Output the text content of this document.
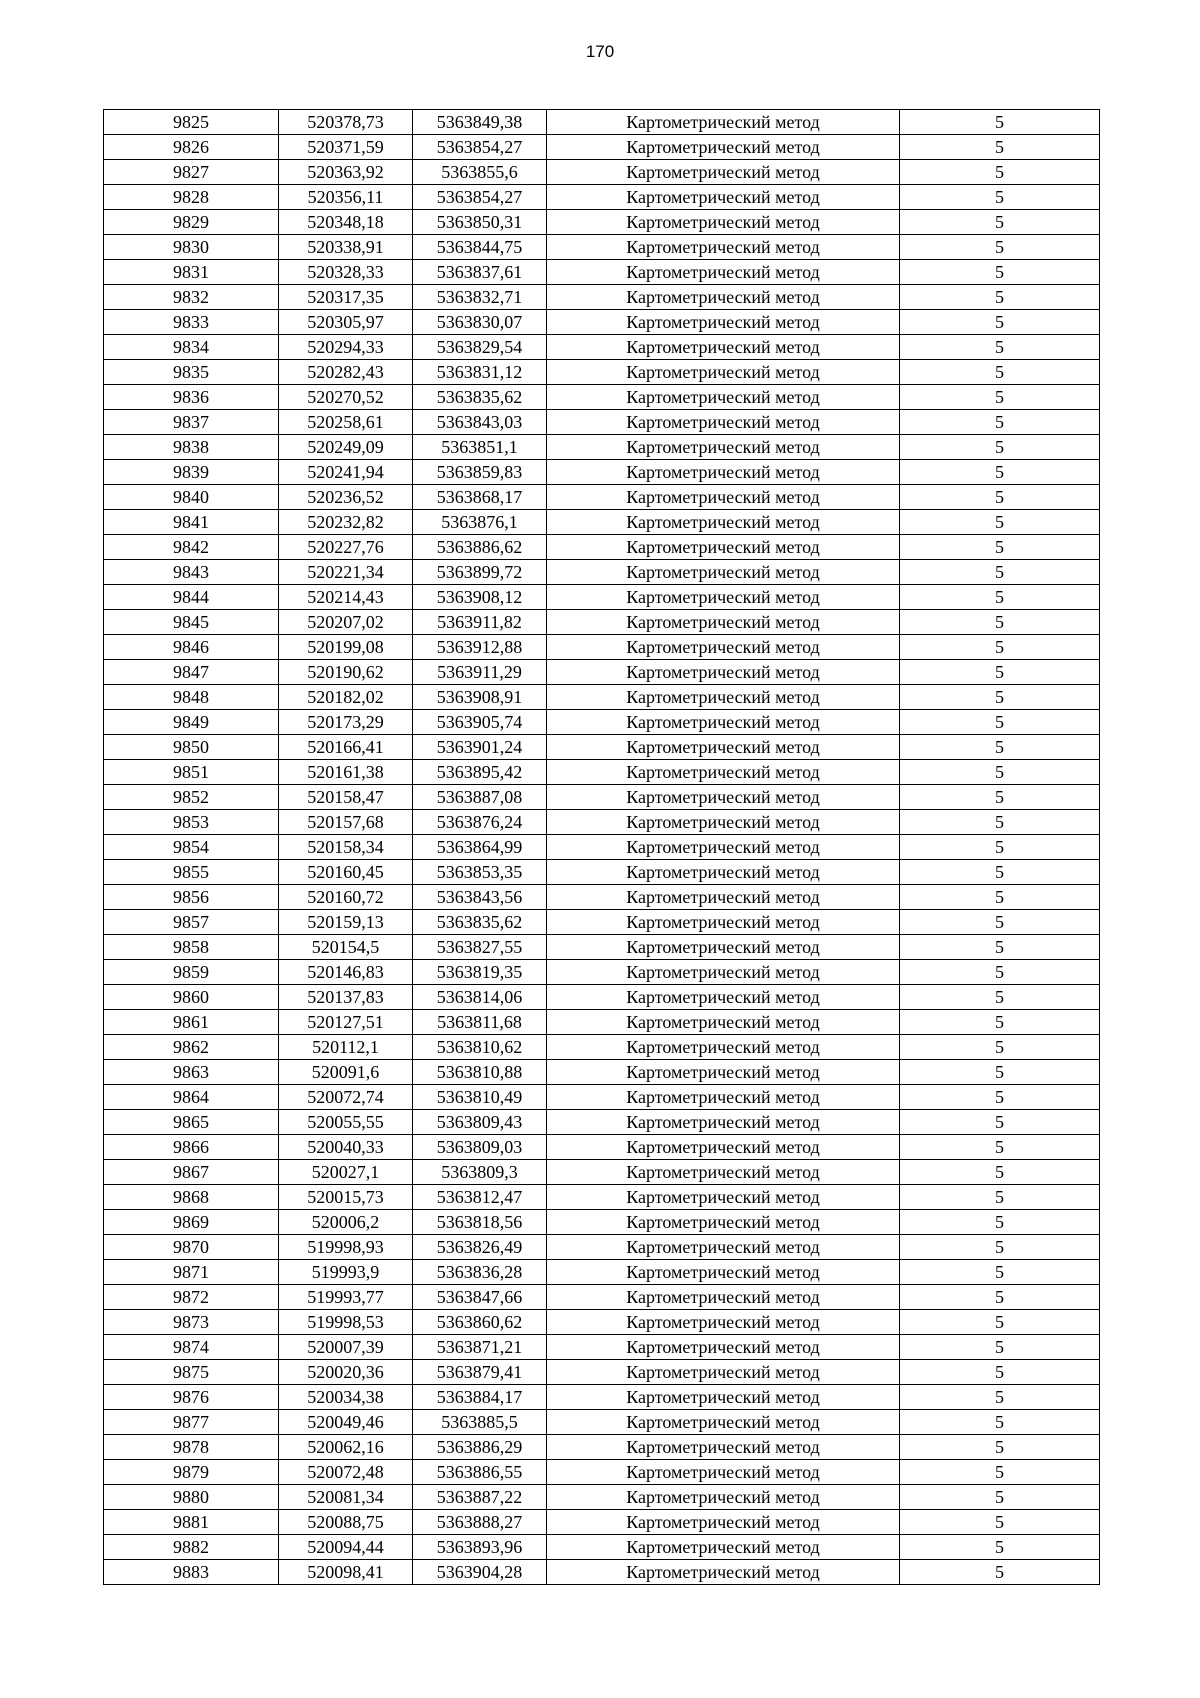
170
9825	520378,73	5363849,38	Картометрический метод	5
9826	520371,59	5363854,27	Картометрический метод	5
9827	520363,92	5363855,6	Картометрический метод	5
9828	520356,11	5363854,27	Картометрический метод	5
9829	520348,18	5363850,31	Картометрический метод	5
9830	520338,91	5363844,75	Картометрический метод	5
9831	520328,33	5363837,61	Картометрический метод	5
9832	520317,35	5363832,71	Картометрический метод	5
9833	520305,97	5363830,07	Картометрический метод	5
9834	520294,33	5363829,54	Картометрический метод	5
9835	520282,43	5363831,12	Картометрический метод	5
9836	520270,52	5363835,62	Картометрический метод	5
9837	520258,61	5363843,03	Картометрический метод	5
9838	520249,09	5363851,1	Картометрический метод	5
9839	520241,94	5363859,83	Картометрический метод	5
9840	520236,52	5363868,17	Картометрический метод	5
9841	520232,82	5363876,1	Картометрический метод	5
9842	520227,76	5363886,62	Картометрический метод	5
9843	520221,34	5363899,72	Картометрический метод	5
9844	520214,43	5363908,12	Картометрический метод	5
9845	520207,02	5363911,82	Картометрический метод	5
9846	520199,08	5363912,88	Картометрический метод	5
9847	520190,62	5363911,29	Картометрический метод	5
9848	520182,02	5363908,91	Картометрический метод	5
9849	520173,29	5363905,74	Картометрический метод	5
9850	520166,41	5363901,24	Картометрический метод	5
9851	520161,38	5363895,42	Картометрический метод	5
9852	520158,47	5363887,08	Картометрический метод	5
9853	520157,68	5363876,24	Картометрический метод	5
9854	520158,34	5363864,99	Картометрический метод	5
9855	520160,45	5363853,35	Картометрический метод	5
9856	520160,72	5363843,56	Картометрический метод	5
9857	520159,13	5363835,62	Картометрический метод	5
9858	520154,5	5363827,55	Картометрический метод	5
9859	520146,83	5363819,35	Картометрический метод	5
9860	520137,83	5363814,06	Картометрический метод	5
9861	520127,51	5363811,68	Картометрический метод	5
9862	520112,1	5363810,62	Картометрический метод	5
9863	520091,6	5363810,88	Картометрический метод	5
9864	520072,74	5363810,49	Картометрический метод	5
9865	520055,55	5363809,43	Картометрический метод	5
9866	520040,33	5363809,03	Картометрический метод	5
9867	520027,1	5363809,3	Картометрический метод	5
9868	520015,73	5363812,47	Картометрический метод	5
9869	520006,2	5363818,56	Картометрический метод	5
9870	519998,93	5363826,49	Картометрический метод	5
9871	519993,9	5363836,28	Картометрический метод	5
9872	519993,77	5363847,66	Картометрический метод	5
9873	519998,53	5363860,62	Картометрический метод	5
9874	520007,39	5363871,21	Картометрический метод	5
9875	520020,36	5363879,41	Картометрический метод	5
9876	520034,38	5363884,17	Картометрический метод	5
9877	520049,46	5363885,5	Картометрический метод	5
9878	520062,16	5363886,29	Картометрический метод	5
9879	520072,48	5363886,55	Картометрический метод	5
9880	520081,34	5363887,22	Картометрический метод	5
9881	520088,75	5363888,27	Картометрический метод	5
9882	520094,44	5363893,96	Картометрический метод	5
9883	520098,41	5363904,28	Картометрический метод	5
